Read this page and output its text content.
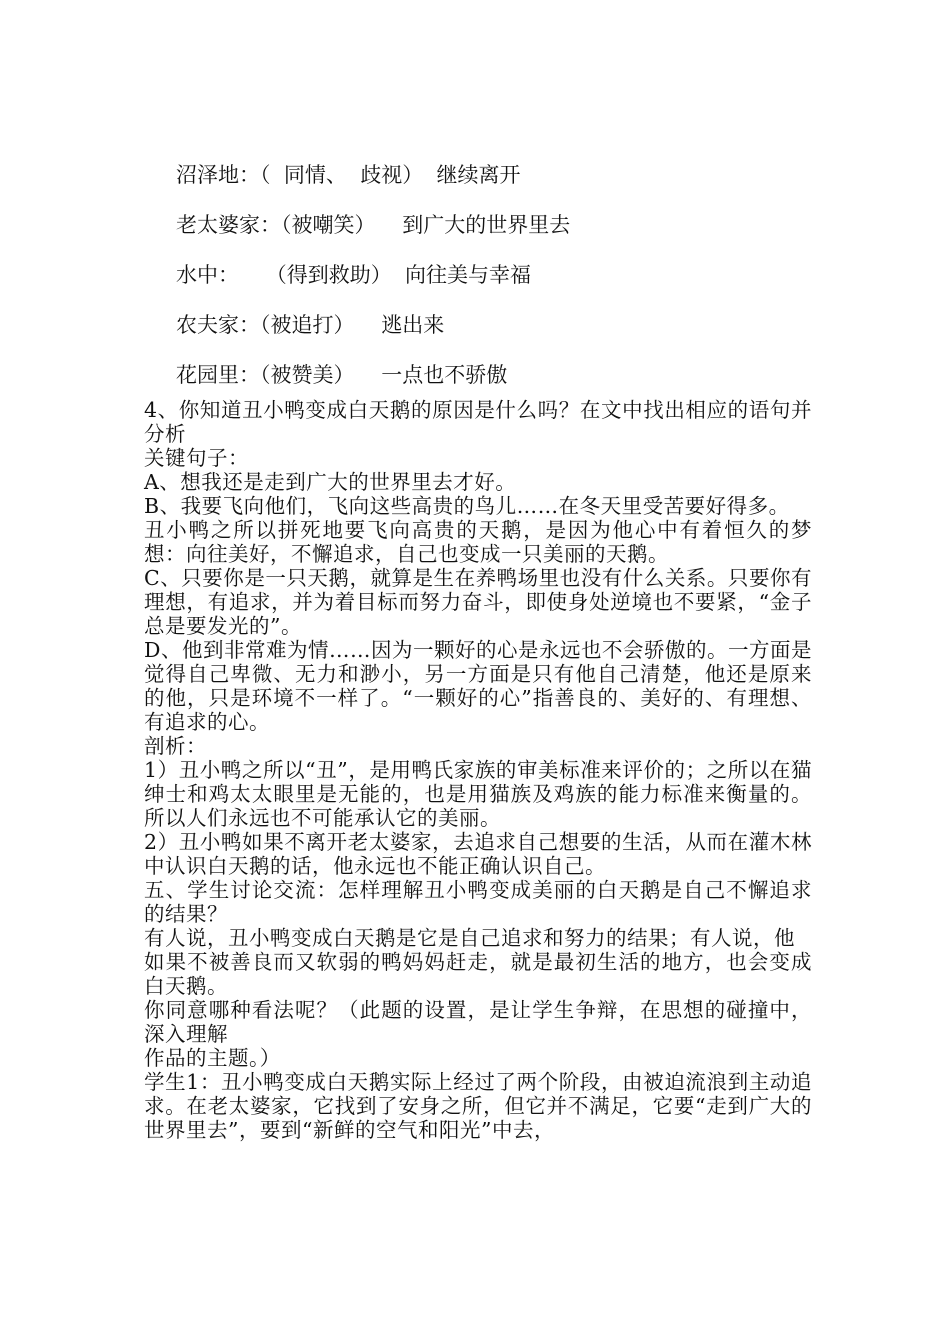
沼泽地：（  同情、  歧视）  继续离开
老太婆家：（被嘲笑）    到广大的世界里去
水中：    （得到救助）  向往美与幸福
农夫家：（被追打）    逃出来
花园里：（被赞美）    一点也不骄傲

4、你知道丑小鸭变成白天鹅的原因是什么吗？在文中找出相应的语句并分析

关键句子：

A、想我还是走到广大的世界里去才好。

B、我要飞向他们，飞向这些高贵的鸟儿……在冬天里受苦要好得多。

丑小鸭之所以拼死地要飞向高贵的天鹅，是因为他心中有着恒久的梦想：向往美好，不懈追求，自己也变成一只美丽的天鹅。

C、只要你是一只天鹅，就算是生在养鸭场里也没有什么关系。只要你有理想，有追求，并为着目标而努力奋斗，即使身处逆境也不要紧，“金子总是要发光的”。

D、他到非常难为情……因为一颗好的心是永远也不会骄傲的。一方面是觉得自己卑微、无力和渺小，另一方面是只有他自己清楚，他还是原来的他，只是环境不一样了。“一颗好的心”指善良的、美好的、有理想、有追求的心。

剖析：

1）丑小鸭之所以“丑”，是用鸭氏家族的审美标准来评价的；之所以在猫绅士和鸡太太眼里是无能的，也是用猫族及鸡族的能力标准来衡量的。所以人们永远也不可能承认它的美丽。

2）丑小鸭如果不离开老太婆家，去追求自己想要的生活，从而在灌木林中认识白天鹅的话，他永远也不能正确认识自己。

五、学生讨论交流：怎样理解丑小鸭变成美丽的白天鹅是自己不懈追求的结果？

有人说，丑小鸭变成白天鹅是它是自己追求和努力的结果；有人说，他

如果不被善良而又软弱的鸭妈妈赶走，就是最初生活的地方，也会变成白天鹅。

你同意哪种看法呢？（此题的设置，是让学生争辩，在思想的碰撞中，深入理解

作品的主题。）

学生1：丑小鸭变成白天鹅实际上经过了两个阶段，由被迫流浪到主动追求。在老太婆家，它找到了安身之所，但它并不满足，它要“走到广大的世界里去”，要到“新鲜的空气和阳光”中去，
